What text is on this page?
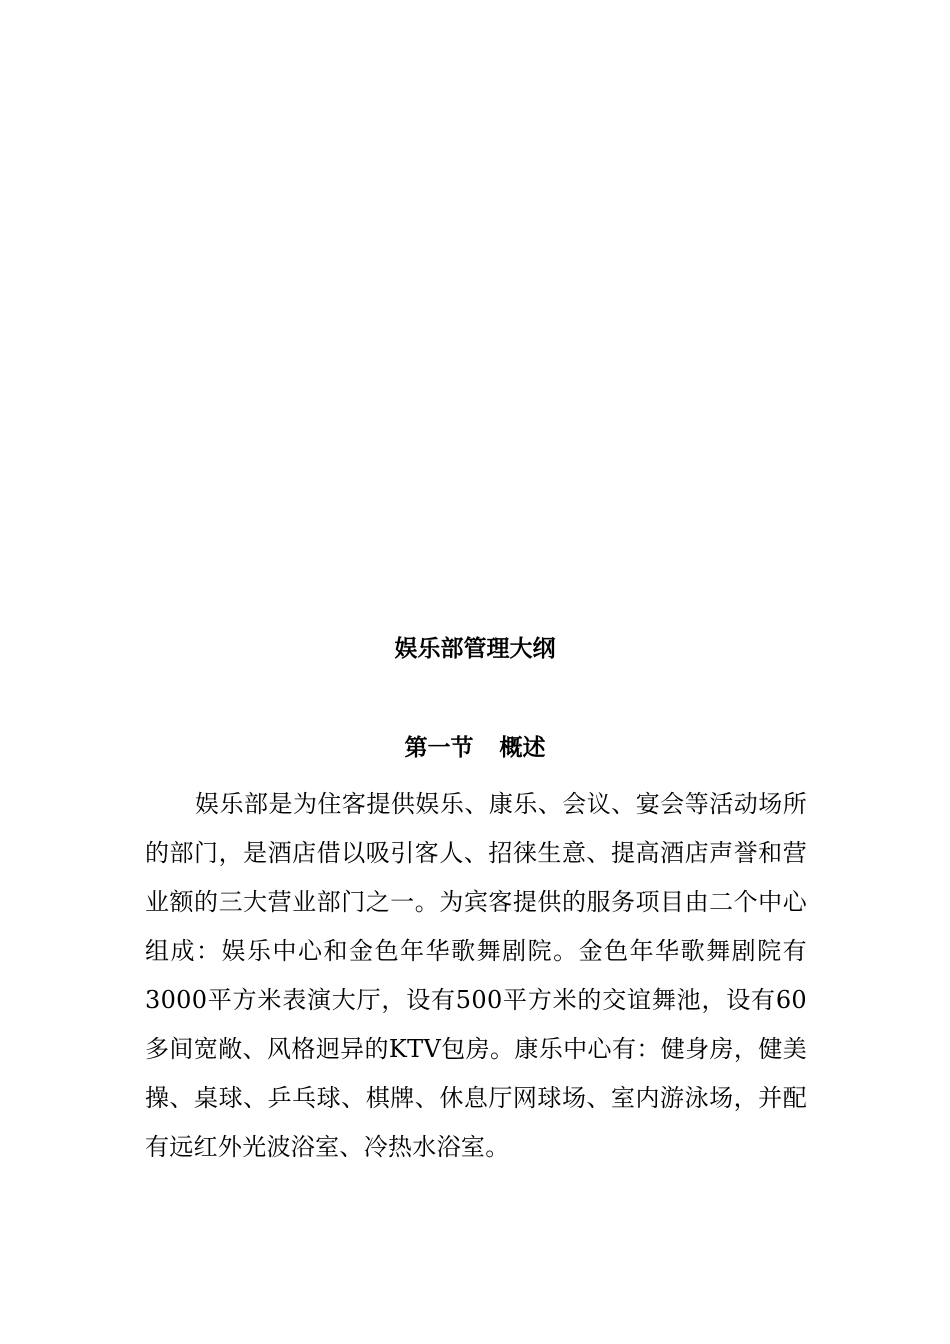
娱乐部管理大纲
第一节 概述

娱乐部是为住客提供娱乐、康乐、会议、宴会等活动场所的部门，是酒店借以吸引客人、招徕生意、提高酒店声誉和营业额的三大营业部门之一。为宾客提供的服务项目由二个中心组成：娱乐中心和金色年华歌舞剧院。金色年华歌舞剧院有3000平方米表演大厅，设有500平方米的交谊舞池，设有60多间宽敞、风格迥异的KTV包房。康乐中心有：健身房，健美操、桌球、乒乓球、棋牌、休息厅网球场、室内游泳场，并配有远红外光波浴室、冷热水浴室。
